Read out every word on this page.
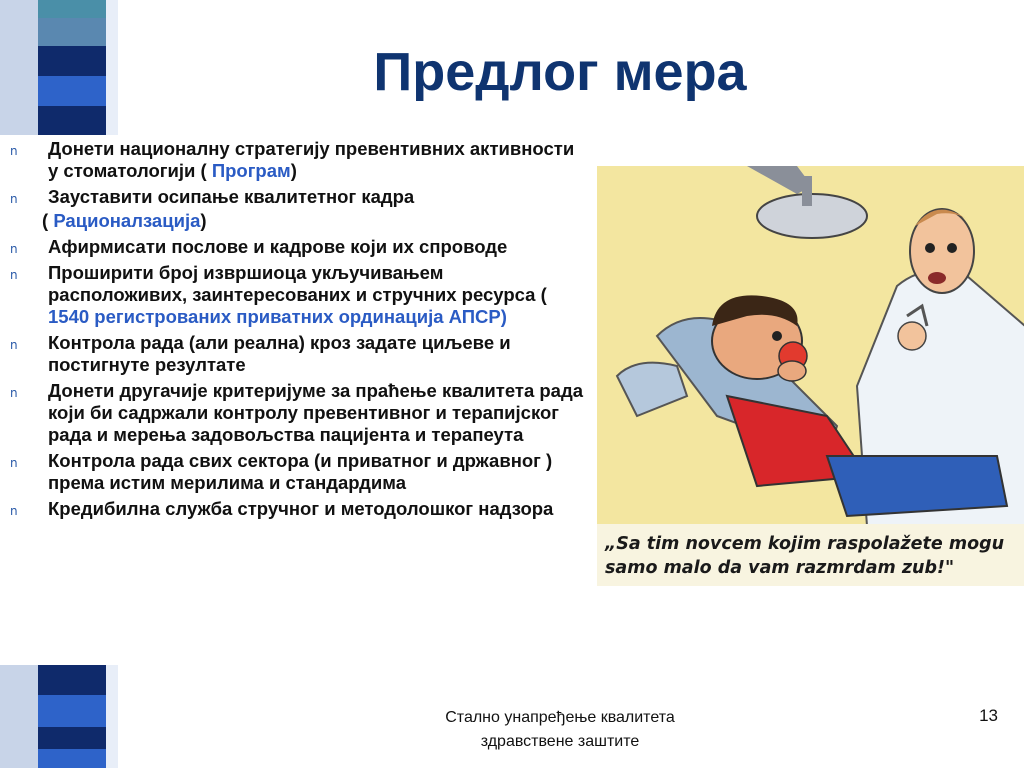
Предлог мера
n Донети националну стратегију превентивних активности у стоматологији ( Програм)
n Зауставити осипање квалитетног кадра
( Рационалзација)
n Афирмисати послове и кадрове који их спроводе
n Проширити број извршиоца укључивањем расположивих, заинтересованих и стручних ресурса ( 1540 регистрованих приватних ординација АПСР)
n Контрола рада (али реална) кроз задате циљеве и постигнуте резултате
n Донети другачије критеријуме за праћење квалитета рада који би садржали контролу превентивног и терапијског рада и мерења задовољства пацијента и терапеута
n Контрола рада свих сектора (и приватног и државног ) према истим мерилима и стандардима
n Кредибилна служба стручног и методолошког надзора
„Sa tim novcem kojim raspolažete mogu
samo malo da vam razmrdam zub!"
Стално унапређење квалитета
здравствене заштите
13
